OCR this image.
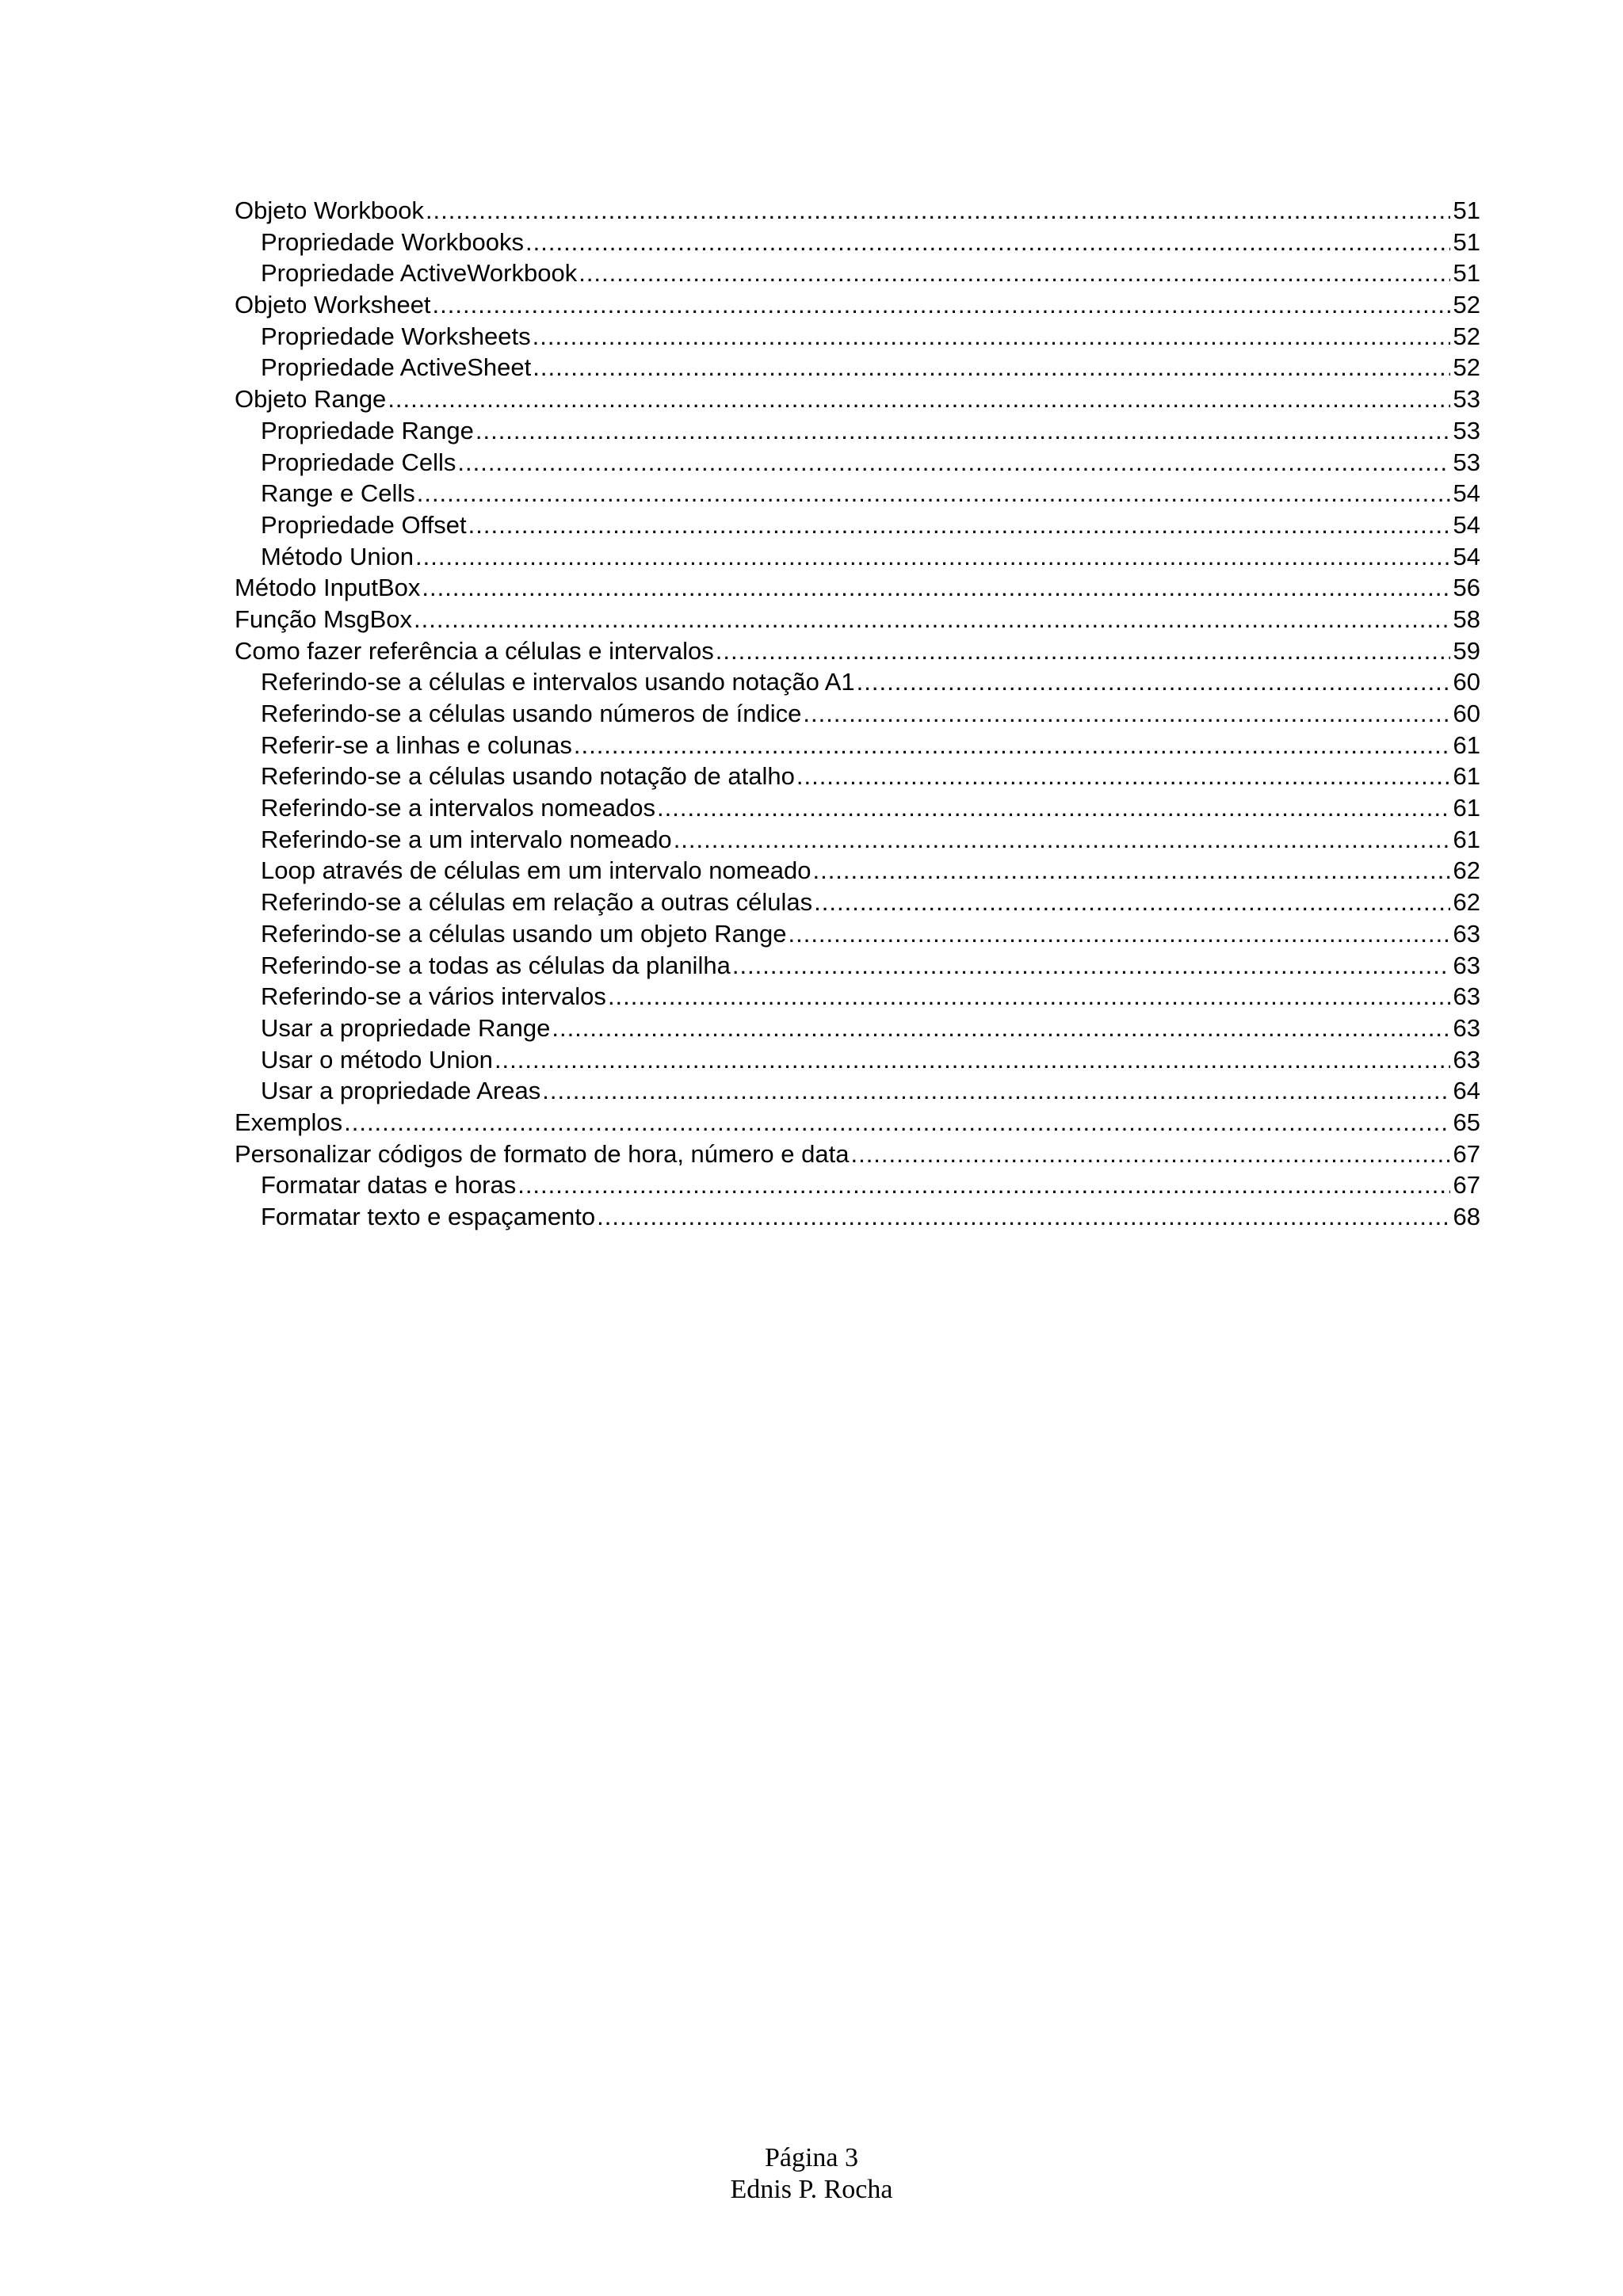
Objeto Workbook .....	51
Propriedade Workbooks .....	51
Propriedade ActiveWorkbook .....	51
Objeto Worksheet .....	52
Propriedade Worksheets .....	52
Propriedade ActiveSheet .....	52
Objeto Range .....	53
Propriedade Range .....	53
Propriedade Cells .....	53
Range e Cells .....	54
Propriedade Offset .....	54
Método Union .....	54
Método InputBox .....	56
Função MsgBox .....	58
Como fazer referência a células e intervalos .....	59
Referindo-se a células e intervalos usando notação A1 .....	60
Referindo-se a células usando números de índice .....	60
Referir-se a linhas e colunas .....	61
Referindo-se a células usando notação de atalho .....	61
Referindo-se a intervalos nomeados .....	61
Referindo-se a um intervalo nomeado .....	61
Loop através de células em um intervalo nomeado .....	62
Referindo-se a células em relação a outras células .....	62
Referindo-se a células usando um objeto Range .....	63
Referindo-se a todas as células da planilha .....	63
Referindo-se a vários intervalos .....	63
Usar a propriedade Range .....	63
Usar o método Union .....	63
Usar a propriedade Areas .....	64
Exemplos .....	65
Personalizar códigos de formato de hora, número e data .....	67
Formatar datas e horas .....	67
Formatar texto e espaçamento .....	68
Página 3
Ednis P. Rocha
